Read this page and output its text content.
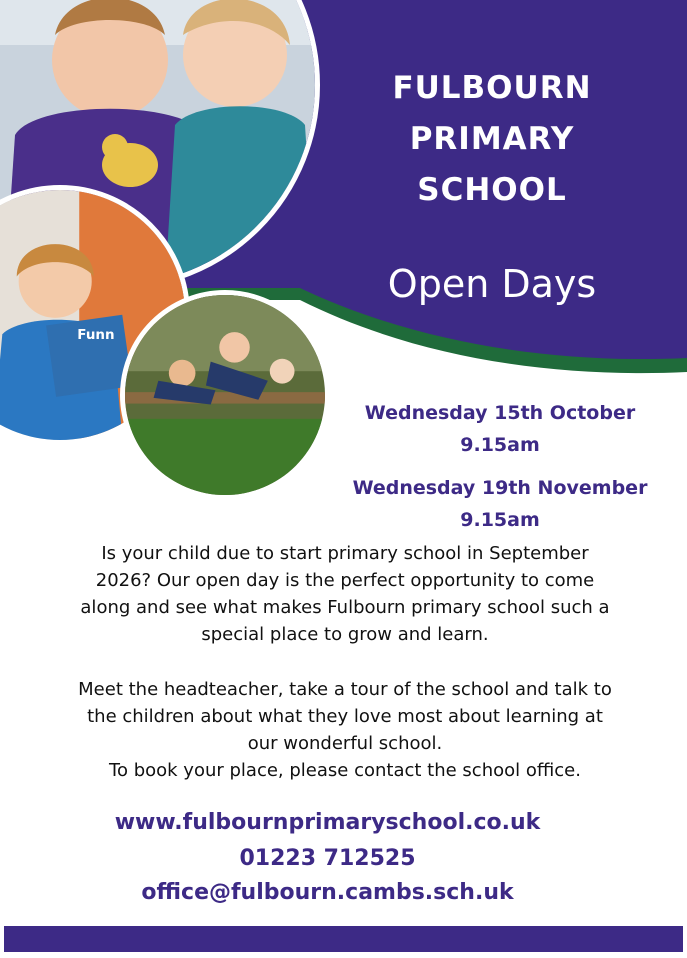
Funn
FULBOURN
PRIMARY
SCHOOL
Open Days
Wednesday 15th October
9.15am
Wednesday 19th November
9.15am
Is your child due to start primary school in September
2026? Our open day is the perfect opportunity to come
along and see what makes Fulbourn primary school such a
special place to grow and learn.
Meet the headteacher, take a tour of the school and talk to
the children about what they love most about learning at
our wonderful school.
To book your place, please contact the school office.
www.fulbournprimaryschool.co.uk
01223 712525
office@fulbourn.cambs.sch.uk
